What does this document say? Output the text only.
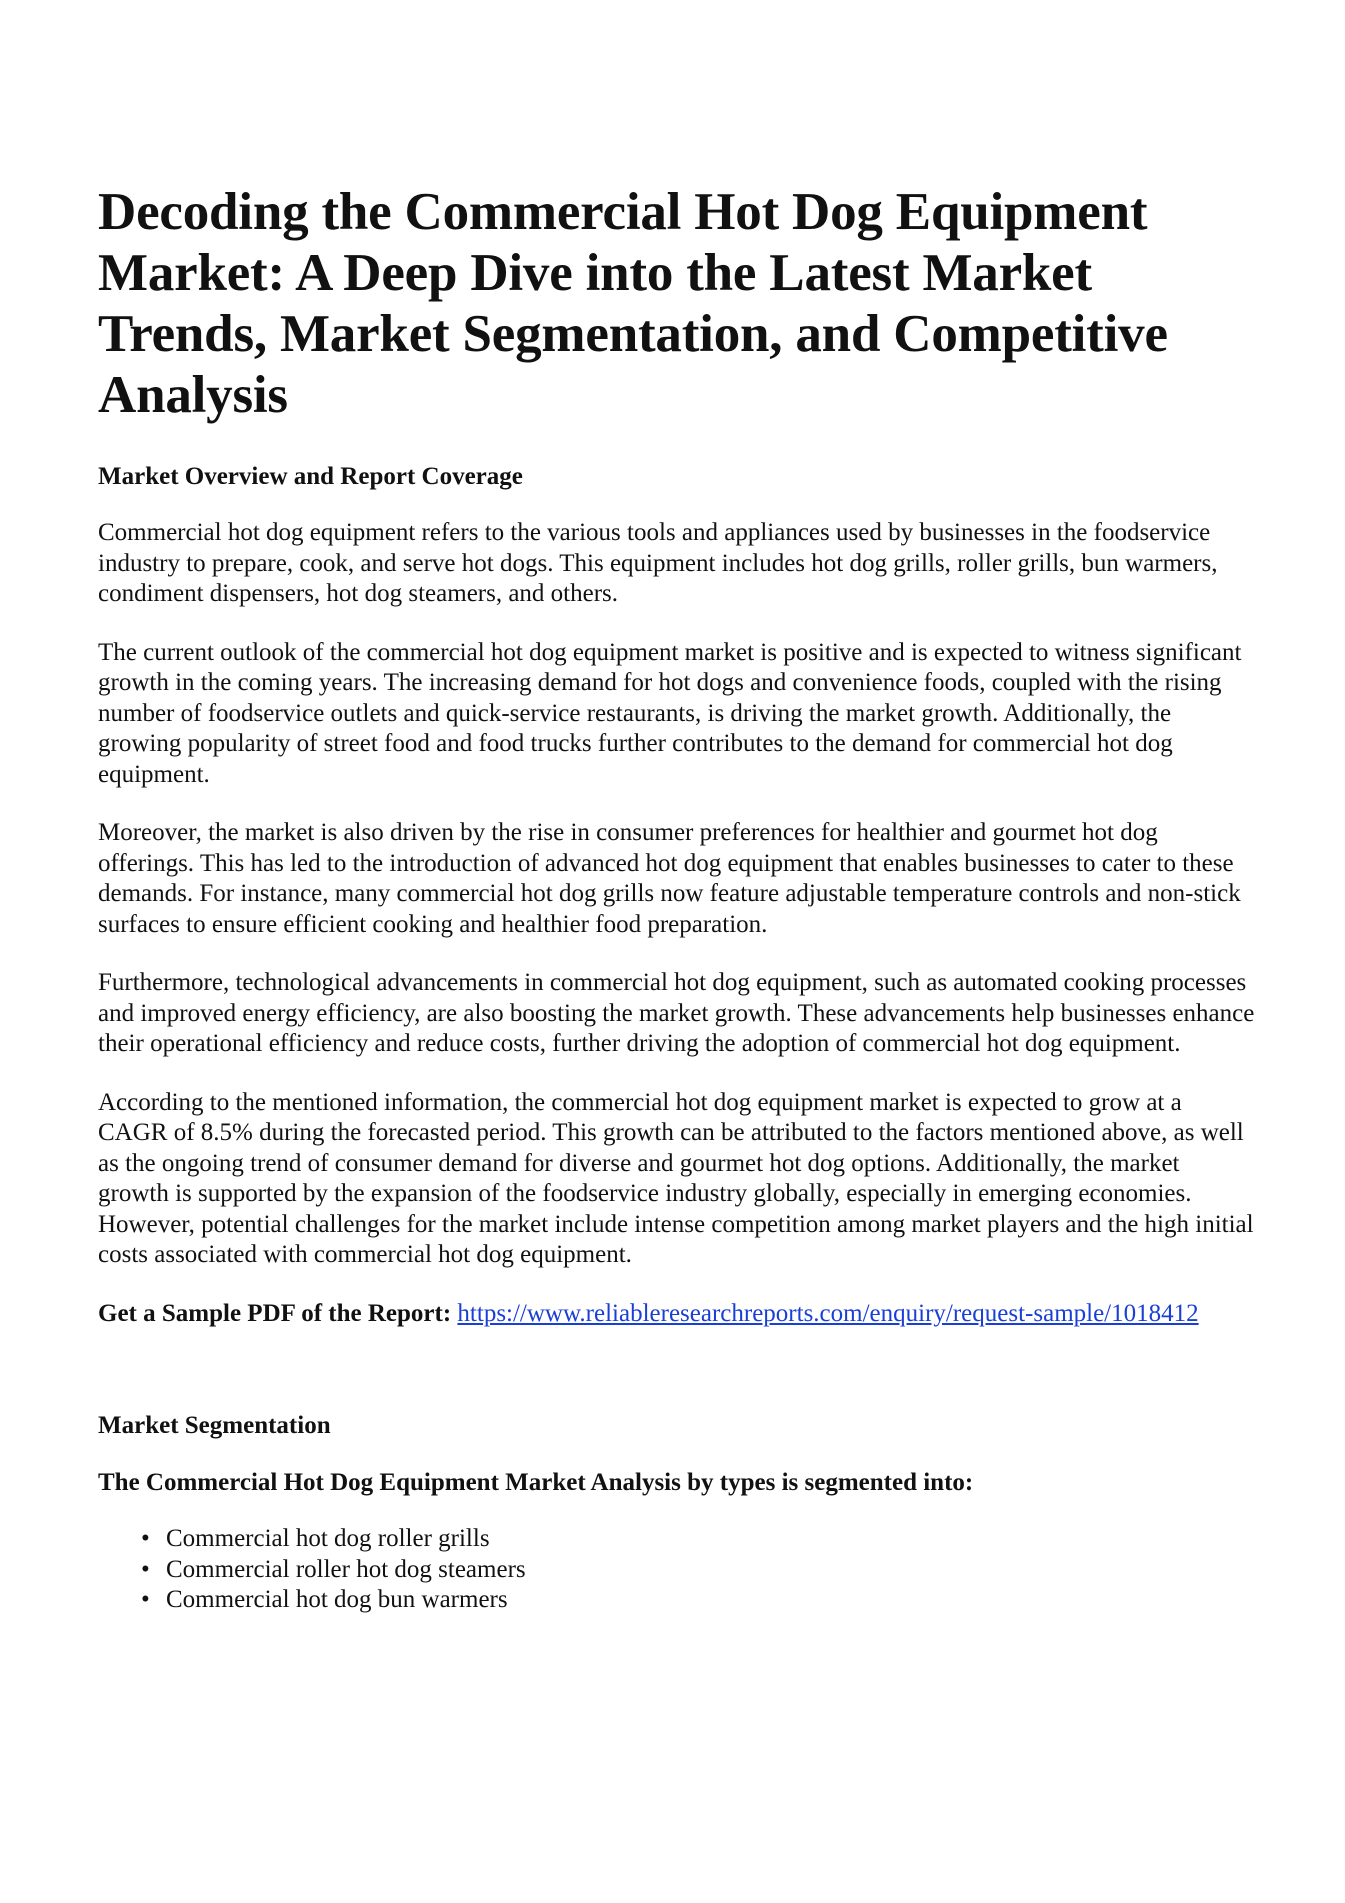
Decoding the Commercial Hot Dog Equipment Market: A Deep Dive into the Latest Market Trends, Market Segmentation, and Competitive Analysis
Market Overview and Report Coverage

Commercial hot dog equipment refers to the various tools and appliances used by businesses in the foodservice industry to prepare, cook, and serve hot dogs. This equipment includes hot dog grills, roller grills, bun warmers, condiment dispensers, hot dog steamers, and others.

The current outlook of the commercial hot dog equipment market is positive and is expected to witness significant growth in the coming years. The increasing demand for hot dogs and convenience foods, coupled with the rising number of foodservice outlets and quick-service restaurants, is driving the market growth. Additionally, the growing popularity of street food and food trucks further contributes to the demand for commercial hot dog equipment.

Moreover, the market is also driven by the rise in consumer preferences for healthier and gourmet hot dog offerings. This has led to the introduction of advanced hot dog equipment that enables businesses to cater to these demands. For instance, many commercial hot dog grills now feature adjustable temperature controls and non-stick surfaces to ensure efficient cooking and healthier food preparation.

Furthermore, technological advancements in commercial hot dog equipment, such as automated cooking processes and improved energy efficiency, are also boosting the market growth. These advancements help businesses enhance their operational efficiency and reduce costs, further driving the adoption of commercial hot dog equipment.

According to the mentioned information, the commercial hot dog equipment market is expected to grow at a CAGR of 8.5% during the forecasted period. This growth can be attributed to the factors mentioned above, as well as the ongoing trend of consumer demand for diverse and gourmet hot dog options. Additionally, the market growth is supported by the expansion of the foodservice industry globally, especially in emerging economies. However, potential challenges for the market include intense competition among market players and the high initial costs associated with commercial hot dog equipment.

Get a Sample PDF of the Report: https://www.reliableresearchreports.com/enquiry/request-sample/1018412

Market Segmentation
The Commercial Hot Dog Equipment Market Analysis by types is segmented into:
• Commercial hot dog roller grills
• Commercial roller hot dog steamers
• Commercial hot dog bun warmers
